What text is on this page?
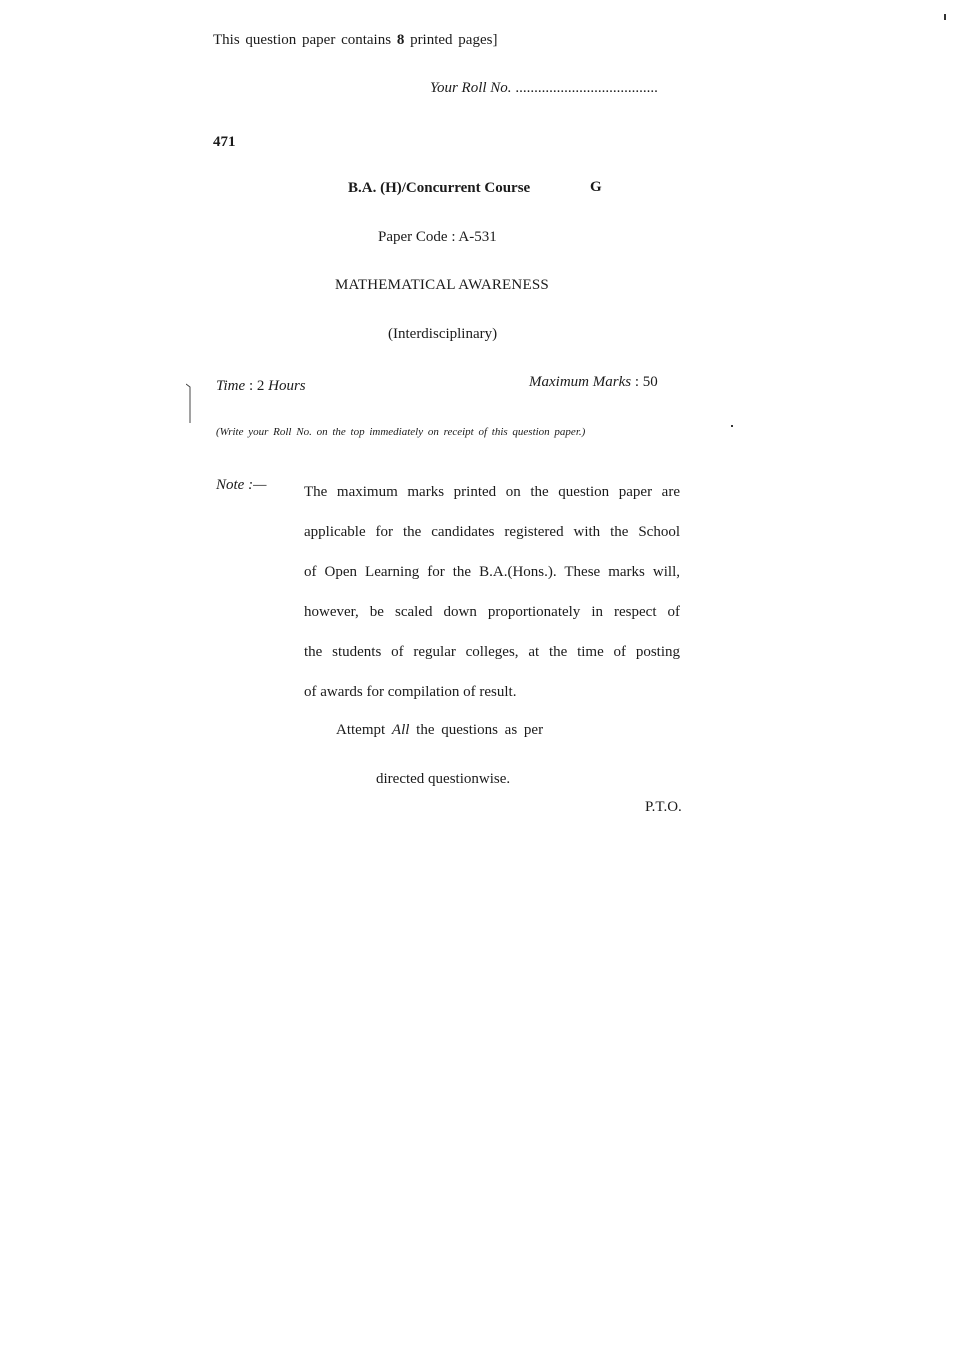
This question paper contains 8 printed pages]
Your Roll No. ......................................
471
B.A. (H)/Concurrent Course	G
Paper Code : A-531
MATHEMATICAL AWARENESS
(Interdisciplinary)
Time : 2 Hours	Maximum Marks : 50
(Write your Roll No. on the top immediately on receipt of this question paper.)
Note :—	The maximum marks printed on the question paper are
applicable for the candidates registered with the School
of Open Learning for the B.A.(Hons.). These marks will,
however, be scaled down proportionately in respect of
the students of regular colleges, at the time of posting
of awards for compilation of result.
Attempt All the questions as per
directed questionwise.
P.T.O.
